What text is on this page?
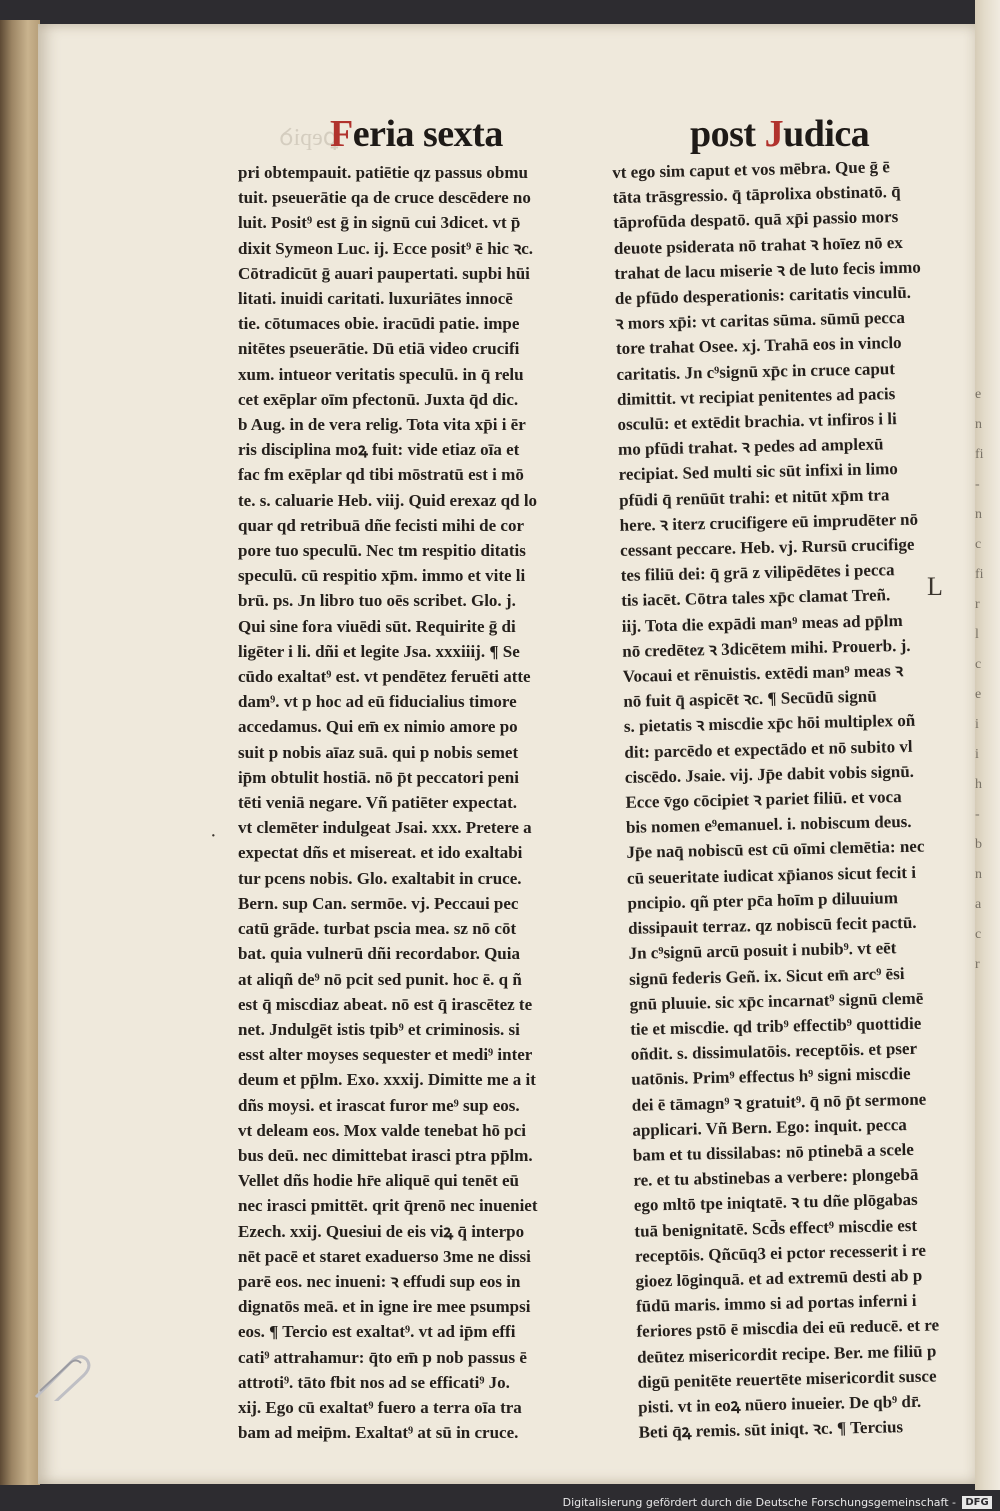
e
n
fi
-
n
c
fi
r
l
c
e
i
i
h
-
b
n
a
c
r
ꝑepiꝺ
Feria sexta	post Judica
pri obtempauit. patiētie qz passus obmu
tuit. pseuerātie qa de cruce descēdere no
luit. Posit⁹ est ḡ in signū cui 3dicet. vt p̄
dixit Symeon Luc. ij. Ecce posit⁹ ē hic ꝛc.
Cōtradicūt ḡ auari paupertati. supbi hūi
litati. inuidi caritati. luxuriātes innocē
tie. cōtumaces obie. iracūdi patie. impe
nitētes pseuerātie. Dū etiā video crucifi
xum. intueor veritatis speculū. in q̄ relu
cet exēplar oīm pfectonū. Juxta q̄d dic.
b Aug. in de vera relig. Tota vita xp̄i i ēr
ris disciplina moꝝ fuit: vide etiaz oīa et
fac fm exēplar qd tibi mōstratū est i mō
te. s. caluarie Heb. viij. Quid erexaz qd lo
quar qd retribuā dñe fecisti mihi de cor
pore tuo speculū. Nec tm respitio ditatis
speculū. cū respitio xp̄m. immo et vite li
brū. ps. Jn libro tuo oēs scribet. Glo. j.
Qui sine fora viuēdi sūt. Requirite ḡ di
ligēter i li. dñi et legite Jsa. xxxiiij. ¶ Se
cūdo exaltat⁹ est. vt pendētez feruēti atte
dam⁹. vt p hoc ad eū fiducialius timore
accedamus. Qui em̄ ex nimio amore po
suit p nobis aīaz suā. qui p nobis semet
ip̄m obtulit hostiā. nō p̄t peccatori peni
tēti veniā negare. Vñ patiēter expectat.
vt clemēter indulgeat Jsai. xxx. Pretere a
expectat dñs et misereat. et ido exaltabi
tur pcens nobis. Glo. exaltabit in cruce.
Bern. sup Can. sermōe. vj. Peccaui pec
catū grāde. turbat pscia mea. sz nō cōt
bat. quia vulnerū dñi recordabor. Quia
at aliqñ de⁹ nō pcit sed punit. hoc ē. q ñ
est q̄ miscdiaz abeat. nō est q̄ irascētez te
net. Jndulgēt istis tpib⁹ et criminosis. si
esst alter moyses sequester et medi⁹ inter
deum et pp̄lm. Exo. xxxij. Dimitte me a it
dñs moysi. et irascat furor me⁹ sup eos.
vt deleam eos. Mox valde tenebat hō pci
bus deū. nec dimittebat irasci ptra pp̄lm.
Vellet dñs hodie hr̄e aliquē qui tenēt eū
nec irasci pmittēt. qrit q̄renō nec inueniet
Ezech. xxij. Quesiui de eis viꝝ q̄ interpo
nēt pacē et staret exaduerso 3me ne dissi
parē eos. nec inueni: ꝛ effudi sup eos in
dignatōs meā. et in igne ire mee psumpsi
eos. ¶ Tercio est exaltat⁹. vt ad ip̄m effi
cati⁹ attrahamur: q̄to em̄ p nob passus ē
attroti⁹. tāto fbit nos ad se efficati⁹ Jo.
xij. Ego cū exaltat⁹ fuero a terra oīa tra
bam ad meip̄m. Exaltat⁹ at sū in cruce.
vt ego sim caput et vos mēbra. Que ḡ ē
tāta trāsgressio. q̄ tāprolixa obstinatō. q̄
tāprofūda despatō. quā xp̄i passio mors
deuote psiderata nō trahat ꝛ hoīez nō ex
trahat de lacu miserie ꝛ de luto fecis immo
de pfūdo desperationis: caritatis vinculū.
ꝛ mors xp̄i: vt caritas sūma. sūmū pecca
tore trahat Osee. xj. Trahā eos in vinclo
caritatis. Jn c⁹signū xp̄c in cruce caput
dimittit. vt recipiat penitentes ad pacis
osculū: et extēdit brachia. vt infiros i li
mo pfūdi trahat. ꝛ pedes ad amplexū
recipiat. Sed multi sic sūt infixi in limo
pfūdi q̄ renūūt trahi: et nitūt xp̄m tra
here. ꝛ iterz crucifigere eū imprudēter nō
cessant peccare. Heb. vj. Rursū crucifige
tes filiū dei: q̄ grā z vilipēdētes i pecca
tis iacēt. Cōtra tales xp̄c clamat Treñ.
iij. Tota die expādi man⁹ meas ad pp̄lm
nō credētez ꝛ 3dicētem mihi. Prouerb. j.
Vocaui et rēnuistis. extēdi man⁹ meas ꝛ
nō fuit q̄ aspicēt ꝛc. ¶ Secūdū signū
s. pietatis ꝛ miscdie xp̄c hōi multiplex oñ
dit: parcēdo et expectādo et nō subito vl
ciscēdo. Jsaie. vij. Jp̄e dabit vobis signū.
Ecce v̄go cōcipiet ꝛ pariet filiū. et voca
bis nomen e⁹emanuel. i. nobiscum deus.
Jp̄e naq̄ nobiscū est cū oīmi clemētia: nec
cū seueritate iudicat xp̄ianos sicut fecit i
pncipio. qñ pter pc̄a hoīm p diluuium
dissipauit terraz. qz nobiscū fecit pactū.
Jn c⁹signū arcū posuit i nubib⁹. vt eēt
signū federis Geñ. ix. Sicut em̄ arc⁹ ēsi
gnū pluuie. sic xp̄c incarnat⁹ signū clemē
tie et miscdie. qd trib⁹ effectib⁹ quottidie
oñdit. s. dissimulatōis. receptōis. et pser
uatōnis. Prim⁹ effectus h⁹ signi miscdie
dei ē tāmagn⁹ ꝛ gratuit⁹. q̄ nō p̄t sermone
applicari. Vñ Bern. Ego: inquit. pecca
bam et tu dissilabas: nō ptinebā a scele
re. et tu abstinebas a verbere: plongebā
ego mltō tpe iniqtatē. ꝛ tu dñe plōgabas
tuā benignitatē. Scd̄s effect⁹ miscdie est
receptōis. Qñcūq3 ei pctor recesserit i re
gioez lōginquā. et ad extremū desti ab p
fūdū maris. immo si ad portas inferni i
feriores pstō ē miscdia dei eū reducē. et re
deūtez misericordit recipe. Ber. me filiū p
digū penitēte reuertēte misericordit susce
pisti. vt in eoꝝ nūero inueier. De qb⁹ dr̄.
Beti q̄ꝝ remis. sūt iniqt. ꝛc. ¶ Tercius
L
·
Digitalisierung gefördert durch die Deutsche Forschungsgemeinschaft - DFG
